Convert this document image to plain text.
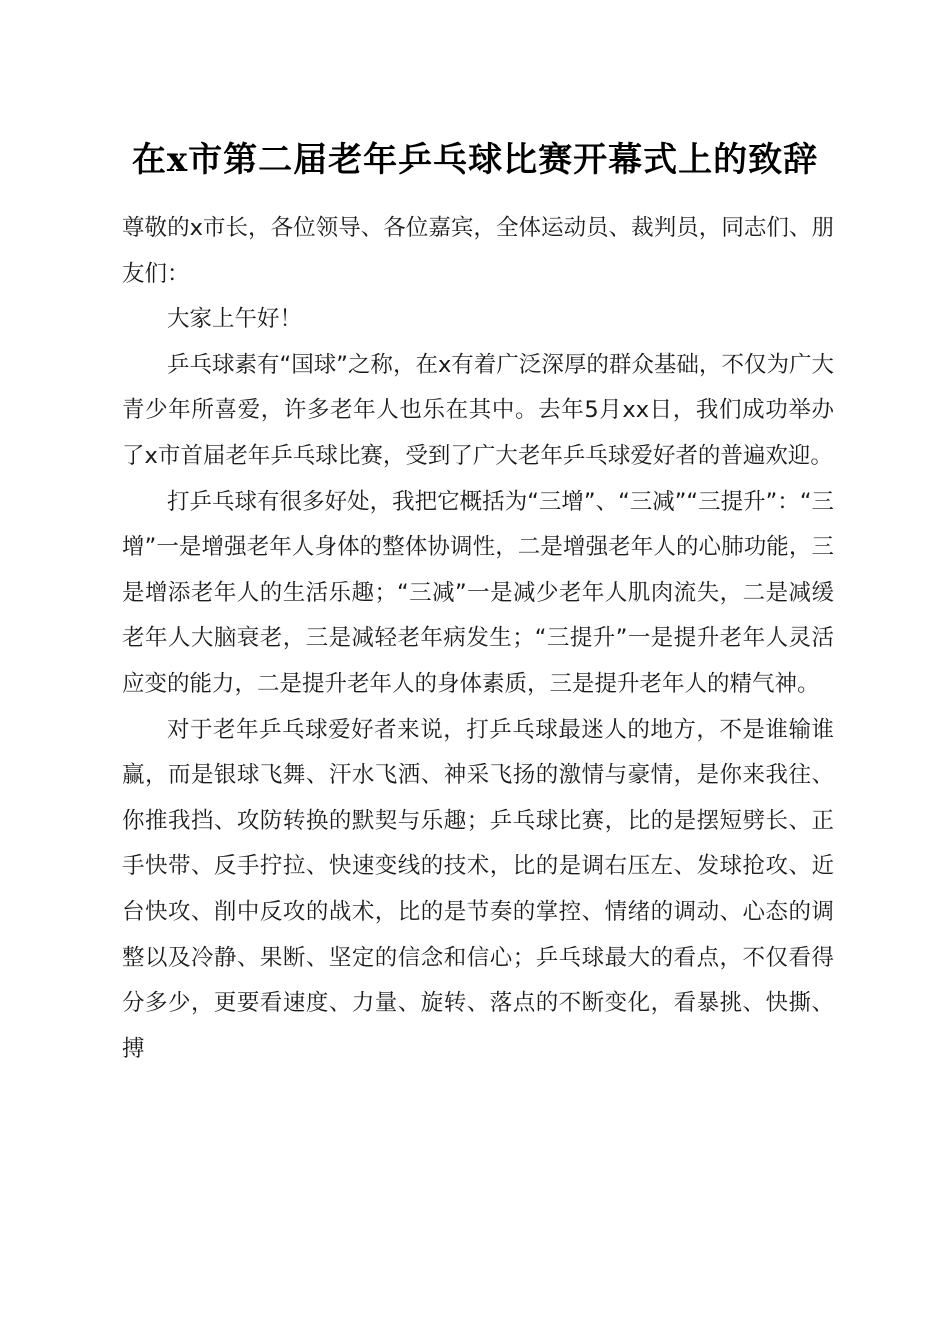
在x市第二届老年乒乓球比赛开幕式上的致辞

尊敬的x市长，各位领导、各位嘉宾，全体运动员、裁判员，同志们、朋友们：

大家上午好！

乒乓球素有“国球”之称，在x有着广泛深厚的群众基础，不仅为广大青少年所喜爱，许多老年人也乐在其中。去年5月xx日，我们成功举办了x市首届老年乒乓球比赛，受到了广大老年乒乓球爱好者的普遍欢迎。

打乒乓球有很多好处，我把它概括为“三增”、“三减”“三提升”：“三增”一是增强老年人身体的整体协调性，二是增强老年人的心肺功能，三是增添老年人的生活乐趣；“三减”一是减少老年人肌肉流失，二是减缓老年人大脑衰老，三是减轻老年病发生；“三提升”一是提升老年人灵活应变的能力，二是提升老年人的身体素质，三是提升老年人的精气神。

对于老年乒乓球爱好者来说，打乒乓球最迷人的地方，不是谁输谁赢，而是银球飞舞、汗水飞洒、神采飞扬的激情与豪情，是你来我往、你推我挡、攻防转换的默契与乐趣；乒乓球比赛，比的是摆短劈长、正手快带、反手拧拉、快速变线的技术，比的是调右压左、发球抢攻、近台快攻、削中反攻的战术，比的是节奏的掌控、情绪的调动、心态的调整以及冷静、果断、坚定的信念和信心；乒乓球最大的看点，不仅看得分多少，更要看速度、力量、旋转、落点的不断变化，看暴挑、快撕、搏
